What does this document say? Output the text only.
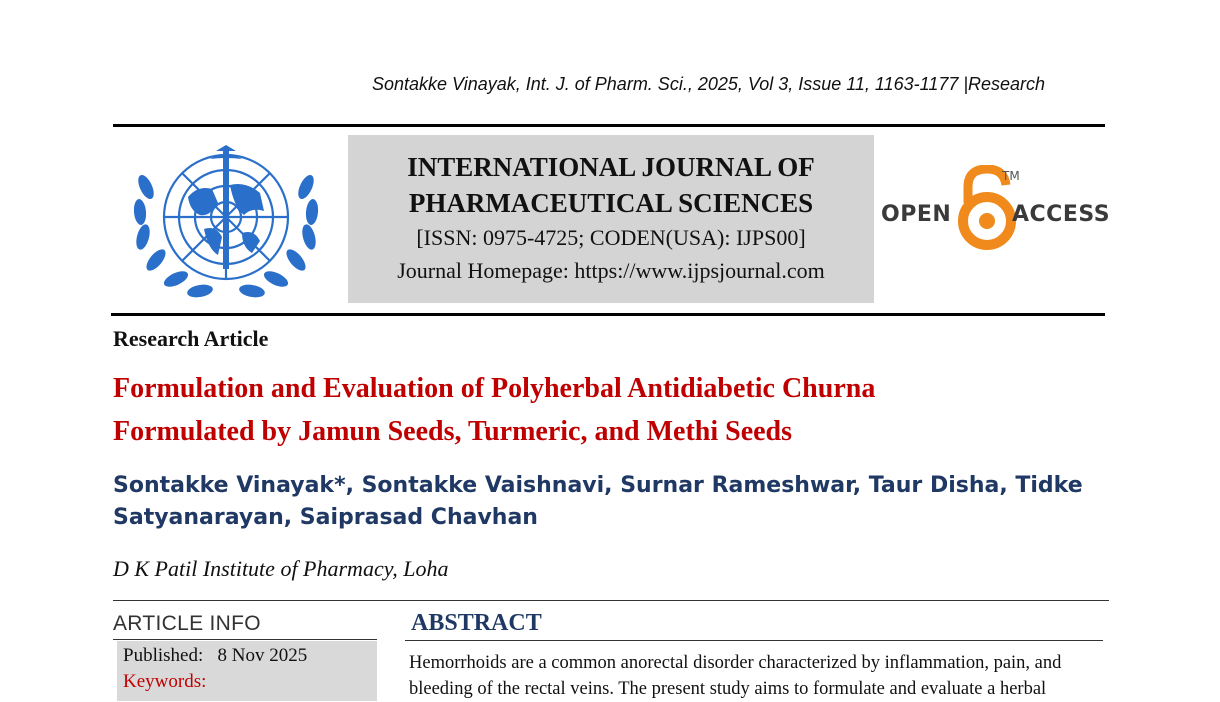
Sontakke Vinayak, Int. J. of Pharm. Sci., 2025, Vol 3, Issue 11, 1163-1177 |Research
INTERNATIONAL JOURNAL OF
PHARMACEUTICAL SCIENCES
[ISSN: 0975-4725; CODEN(USA): IJPS00]
Journal Homepage: https://www.ijpsjournal.com
OPEN	ACCESS
TM
Research Article
Formulation and Evaluation of Polyherbal Antidiabetic Churna
Formulated by Jamun Seeds, Turmeric, and Methi Seeds
Sontakke Vinayak*, Sontakke Vaishnavi, Surnar Rameshwar, Taur Disha, Tidke
Satyanarayan, Saiprasad Chavhan
D K Patil Institute of Pharmacy, Loha
ARTICLE INFO
Published: 8 Nov 2025
Keywords:
ABSTRACT
Hemorrhoids are a common anorectal disorder characterized by inflammation, pain, and
bleeding of the rectal veins. The present study aims to formulate and evaluate a herbal
